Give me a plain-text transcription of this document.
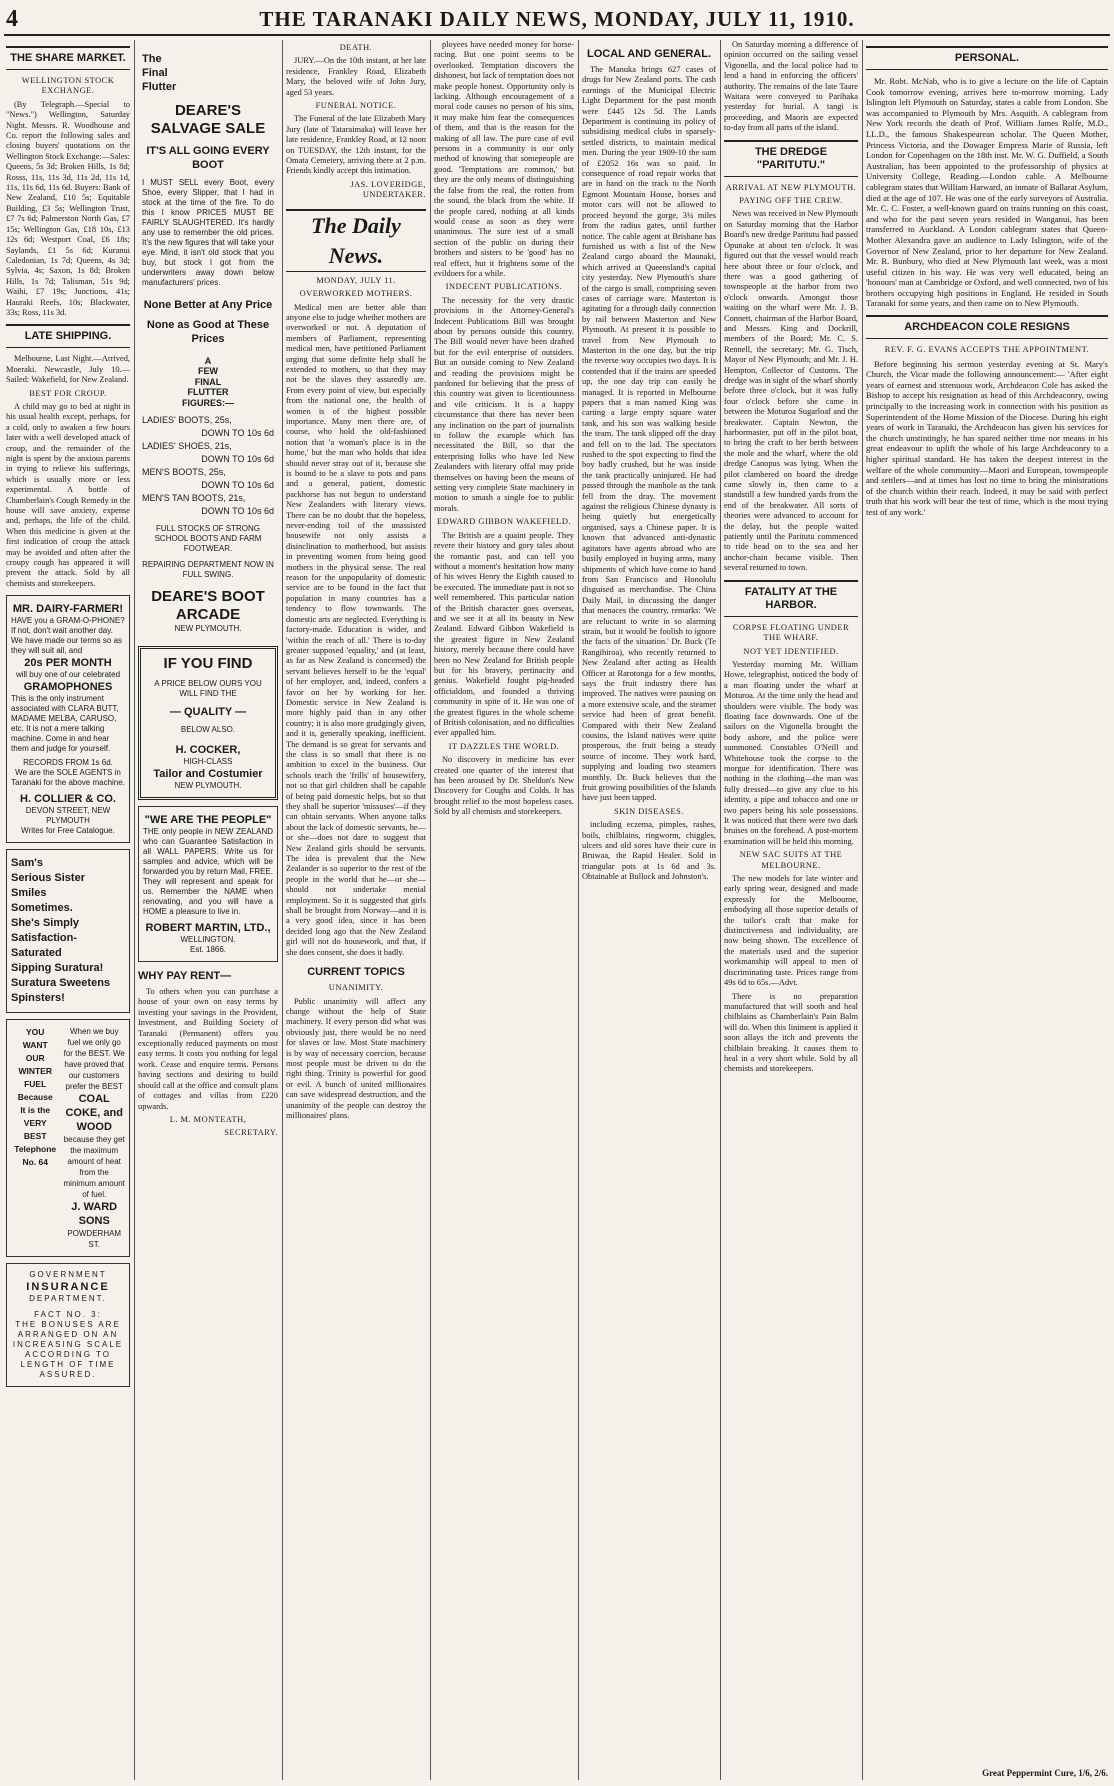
4	THE TARANAKI DAILY NEWS, MONDAY, JULY 11, 1910.
THE SHARE MARKET.
WELLINGTON STOCK EXCHANGE.

(By Telegraph.—Special to "News.") Wellington, Saturday Night. Messrs. R. Woodhouse and Co. report the following sales and closing buyers' quotations on the Wellington Stock Exchange:—Sales: Queens, 5s 3d; Broken Hills, 1s 8d; Rosss, 11s, 11s 3d, 11s 2d, 11s 1d, 11s, 11s 6d, 11s 6d. Buyers: Bank of New Zealand, £10 5s; Equitable Building, £3 5s; Wellington Trust, £7 7s 6d; Palmerston North Gas, £7 15s; Wellington Gas, £18 10s, £13 12s 6d; Westport Coal, £6 18s; Saylands, £1 5s 6d; Kuranui Caledonian, 1s 7d; Queens, 4s 3d; Sylvia, 4s; Saxon, 1s 8d; Broken Hills, 1s 7d; Talisman, 51s 9d; Waihi, £7 19s; Junctions, 41s; Hauraki Reefs, 10s; Blackwater, 33s; Ross, 11s 3d.

LATE SHIPPING.

Melbourne, Last Night.—Arrived, Moeraki. Newcastle, July 10.—Sailed: Wakefield, for New Zealand.

BEST FOR CROUP.

A child may go to bed at night in his usual health except, perhaps, for a cold, only to awaken a few hours later with a well developed attack of croup, and the remainder of the night is spent by the anxious parents in trying to relieve his sufferings, which is usually more or less experimental. A bottle of Chamberlain's Cough Remedy in the house will save anxiety, expense and, perhaps, the life of the child. When this medicine is given at the first indication of croup the attack may be avoided and often after the croupy cough has appeared it will prevent the attack. Sold by all chemists and storekeepers.

MR. DAIRY-FARMER!
HAVE you a GRAM-O-PHONE? If not, don't wait another day. We have made our terms so as they will suit all, and
20s PER MONTH
will buy one of our celebrated
GRAMOPHONES
This is the only instrument associated with CLARA BUTT, MADAME MELBA, CARUSO, etc. It is not a mere talking machine. Come in and hear them and judge for yourself.
RECORDS FROM 1s 6d.
We are the SOLE AGENTS in Taranaki for the above machine.
H. COLLIER & CO.
DEVON STREET, NEW PLYMOUTH
Writes for Free Catalogue.
Sam's
Serious Sister
Smiles
Sometimes.
She's Simply
Satisfaction-Saturated
Sipping Suratura!
Suratura Sweetens
Spinsters!
YOU
WANT
OUR
WINTER
FUEL
Because
It is the
VERY
BEST
Telephone
No. 64
When we buy fuel we only go for the BEST. We have proved that our customers prefer the BEST
COAL
COKE, and
WOOD
because they get the maximum amount of heat from the minimum amount of fuel.
J. WARD
SONS
POWDERHAM ST.
GOVERNMENT
INSURANCE
DEPARTMENT.
FACT NO. 3:
THE BONUSES ARE ARRANGED ON AN INCREASING SCALE ACCORDING TO LENGTH OF TIME ASSURED.
The
Final
Flutter
DEARE'S SALVAGE SALE
IT'S ALL GOING EVERY BOOT
I MUST SELL every Boot, every Shoe, every Slipper, that I had in stock at the time of the fire. To do this I know PRICES MUST BE FAIRLY SLAUGHTERED. It's hardly any use to remember the old prices. It's the new figures that will take your eye. Mind, it isn't old stock that you buy, but stock I got from the underwriters away down below manufacturers' prices.
None Better at Any Price
None as Good at These Prices
A
FEW
FINAL
FLUTTER
FIGURES:—
LADIES' BOOTS, 25s,
DOWN TO 10s 6d
LADIES' SHOES, 21s,
DOWN TO 10s 6d
MEN'S BOOTS, 25s,
DOWN TO 10s 6d
MEN'S TAN BOOTS, 21s,
DOWN TO 10s 6d
FULL STOCKS OF STRONG SCHOOL BOOTS AND FARM FOOTWEAR.
REPAIRING DEPARTMENT NOW IN FULL SWING.
DEARE'S BOOT ARCADE
NEW PLYMOUTH.
IF YOU FIND
A PRICE BELOW OURS YOU WILL FIND THE
— QUALITY —
BELOW ALSO.
H. COCKER,
HIGH-CLASS
Tailor and Costumier
NEW PLYMOUTH.
"WE ARE THE PEOPLE"
THE only people in NEW ZEALAND who can Guarantee Satisfaction in all WALL PAPERS. Write us for samples and advice, which will be forwarded you by return Mail, FREE. They will represent and speak for us. Remember the NAME when renovating, and you will have a HOME a pleasure to live in.
ROBERT MARTIN, LTD.,
WELLINGTON.
Est. 1866.
WHY PAY RENT—

To others when you can purchase a house of your own on easy terms by investing your savings in the Provident, Investment, and Building Society of Taranaki (Permanent) offers you exceptionally reduced payments on most easy terms. It costs you nothing for legal work. Cease and enquire terms. Persons having sections and desiring to build should call at the office and consult plans of cottages and villas from £220 upwards.

L. M. MONTEATH,
SECRETARY.
DEATH.

JURY.—On the 10th instant, at her late residence, Frankley Road, Elizabeth Mary, the beloved wife of John Jury, aged 53 years.

FUNERAL NOTICE.

The Funeral of the late Elizabeth Mary Jury (late of Tataraimaka) will leave her late residence, Frankley Road, at 12 noon on TUESDAY, the 12th instant, for the Omata Cemetery, arriving there at 2 p.m. Friends kindly accept this intimation.

JAS. LOVERIDGE, UNDERTAKER.
The Daily News.
MONDAY, JULY 11.
OVERWORKED MOTHERS.

Medical men are better able than anyone else to judge whether mothers are overworked or not. A deputation of members of Parliament, representing medical men, have petitioned Parliament urging that some definite help shall be extended to mothers, so that they may not be the slaves they assuredly are. From every point of view, but especially from the national one, the health of women is of the highest possible importance. Many men there are, of course, who hold the old-fashioned notion that 'a woman's place is in the home,' but the man who holds that idea should never stray out of it, because she is bound to be a slave to pots and pans and a general, patient, domestic packhorse has not begun to understand New Zealanders with literary views. There can be no doubt that the hopeless, never-ending toil of the unassisted housewife not only assists a disinclination to motherhood, but assists in preventing women from being good mothers in the physical sense. The real reason for the unpopularity of domestic service are to be found in the fact that population in many countries has a tendency to flow townwards. The domestic arts are neglected. Everything is factory-made. Education is wider, and 'within the reach of all.' There is to-day greater supposed 'equality,' and (at least, as far as New Zealand is concerned) the servant believes herself to be the 'equal' of her employer, and, indeed, confers a favor on her by working for her. Domestic service in New Zealand is more highly paid than in any other country; it is also more grudgingly given, and it is, generally speaking, inefficient. The demand is so great for servants and the class is so small that there is no ambition to excel in the business. Our schools teach the 'frills' of housewifery, not so that girl children shall be capable of being paid domestic helps, but so that they shall be superior 'missuses'—if they can obtain servants. When anyone talks about the lack of domestic servants, he—or she—does not dare to suggest that New Zealand girls should be servants. The idea is prevalent that the New Zealander is so superior to the rest of the people in the world that he—or she—should not undertake menial employment. So it is suggested that girls shall be brought from Norway—and it is a very good idea, since it has been decided long ago that the New Zealand girl will not do housework, and that, if she does consent, she does it badly.

CURRENT TOPICS
UNANIMITY.

Public unanimity will affect any change without the help of State machinery. If every person did what was obviously just, there would be no need for slaves or law. Most State machinery is by way of necessary coercion, because most people must be driven to do the right thing. Trinity is powerful for good or evil. A bunch of united millionaires can save widespread destruction, and the unanimity of the people can destroy the millionaires' plans.

ployees have needed money for horse-racing. But one point seems to be overlooked. Temptation discovers the dishonest, but lack of temptation does not make people honest. Opportunity only is lacking. Although encouragement of a moral code causes no person of his sins, it may make him fear the consequences of them, and that is the reason for the making of all law. The pure case of evil persons in a community is our only method of knowing that somepeople are good. 'Temptations are common,' but they are the only means of distinguishing the false from the real, the rotten from the sound, the black from the white. If the people cared, nothing at all kinds would cease as soon as they were unanimous. The sure test of a small section of the public on during their brothers and sisters to be 'good' has no real effect, but it frightens some of the evildoers for a while.

INDECENT PUBLICATIONS.

The necessity for the very drastic provisions in the Attorney-General's Indecent Publications Bill was brought about by persons outside this country. The Bill would never have been drafted but for the evil enterprise of outsiders. But an outside coming to New Zealand and reading the provisions might be pardoned for believing that the press of this country was given to licentiousness and vile criticism. It is a happy circumstance that there has never been any inclination on the part of journalists to follow the example which has necessitated the Bill, so that the enterprising folks who have led New Zealanders with literary offal may pride themselves on having been the means of setting very complete State machinery in motion to smash a single foe to public morals.

EDWARD GIBBON WAKEFIELD.

The British are a quaint people. They revere their history and gory tales about the romantic past, and can tell you without a moment's hesitation how many of his wives Henry the Eighth caused to be executed. The immediate past is not so well remembered. This particular nation of the British character goes overseas, and we see it at all its beauty in New Zealand. Edward Gibbon Wakefield is the greatest figure in New Zealand history, merely because there could have been no New Zealand for British people but for his bravery, pertinacity and genius. Wakefield fought pig-headed officialdom, and founded a thriving community in spite of it. He was one of the greatest figures in the whole scheme of British colonisation, and no difficulties ever appalled him.

IT DAZZLES THE WORLD.

No discovery in medicine has ever created one quarter of the interest that has been aroused by Dr. Sheldon's New Discovery for Coughs and Colds. It has brought relief to the most hopeless cases. Sold by all chemists and storekeepers.

LOCAL AND GENERAL.

The Manuka brings 627 cases of drugs for New Zealand ports. The cash earnings of the Municipal Electric Light Department for the past month were £445 12s 5d. The Lands Department is continuing its policy of subsidising medical clubs in sparsely-settled districts, to maintain medical men. During the year 1909-10 the sum of £2052 16s was so paid. In consequence of road repair works that are in hand on the track to the North Egmont Mountain House, horses and motor cars will not be allowed to proceed beyond the gorge, 3¼ miles from the radius gates, until further notice. The cable agent at Brisbane has furnished us with a list of the New Zealand cargo aboard the Maunaki, which arrived at Queensland's capital city yesterday. New Plymouth's share of the cargo is small, comprising seven cases of carriage ware. Masterton is agitating for a through daily connection by rail between Masterton and New Plymouth. At present it is possible to travel from New Plymouth to Masterton in the one day, but the trip the reverse way occupies two days. It is contended that if the trains are speeded up, the one day trip can easily be managed. It is reported in Melbourne papers that a man named King was carting a large empty square water tank, and his son was walking beside the team. The tank slipped off the dray and fell on to the lad. The spectators rushed to the spot expecting to find the boy badly crushed, but he was inside the tank practically uninjured. He had passed through the manhole as the tank fell from the dray. The movement against the religious Chinese dynasty is being quietly but energetically organised, says a Chinese paper. It is known that advanced anti-dynastic agitators have agents abroad who are busily employed in buying arms, many shipments of which have come to hand from San Francisco and Honolulu disguised as merchandise. The China Daily Mail, in discussing the danger that menaces the country, remarks: 'We are reluctant to write in so alarming strain, but it would be foolish to ignore the facts of the situation.' Dr. Buck (Te Rangihiroa), who recently returned to New Zealand after acting as Health Officer at Rarotonga for a few months, says the fruit industry there has improved. The natives were pausing on a more extensive scale, and the steamer service had been of great benefit. Compared with their New Zealand cousins, the Island natives were quite prosperous, the fruit being a steady source of income. They work hard, supplying and loading two steamers monthly. Dr. Buck believes that the fruit growing possibilities of the Islands have just been tapped.

SKIN DISEASES.

including eczema, pimples, rashes, boils, chilblains, ringworm, chiggles, ulcers and old sores have their cure in Bruwaa, the Rapid Healer. Sold in triangular pots at 1s 6d and 3s. Obtainable at Bullock and Johnston's.

On Saturday morning a difference of opinion occurred on the sailing vessel Vigonella, and the local police had to lend a hand in enforcing the officers' authority. The remains of the late Taare Waitara were conveyed to Parihaka yesterday for burial. A tangi is proceeding, and Maoris are expected to-day from all parts of the island.

THE DREDGE "PARITUTU."
ARRIVAL AT NEW PLYMOUTH.
PAYING OFF THE CREW.

News was received in New Plymouth on Saturday morning that the Harbor Board's new dredge Paritutu had passed Opunake at about ten o'clock. It was figured out that the vessel would reach here about three or four o'clock, and there was a good gathering of townspeople at the harbor from two o'clock onwards. Amongst those waiting on the wharf were Mr. J. B. Connett, chairman of the Harbor Board, and Messrs. King and Dockrill, members of the Board; Mr. C. S. Rennell, the secretary; Mr. G. Tisch, Mayor of New Plymouth; and Mr. J. H. Hempton, Collector of Customs. The dredge was in sight of the wharf shortly before three o'clock, but it was fully four o'clock before she came in between the Moturoa Sugarloaf and the breakwater. Captain Newton, the harbormaster, put off in the pilot boat, to bring the craft to her berth between the mole and the wharf, where the old dredge Canopus was lying. When the pilot clambered on board the dredge came slowly in, then came to a standstill a few hundred yards from the end of the breakwater. All sorts of theories were advanced to account for the delay, but the people waited patiently until the Paritutu commenced to ride head on to the sea and her anchor-chain became visible. Then several returned to town.

FATALITY AT THE HARBOR.
CORPSE FLOATING UNDER THE WHARF.
NOT YET IDENTIFIED.

Yesterday morning Mr. William Howe, telegraphist, noticed the body of a man floating under the wharf at Moturoa. At the time only the head and shoulders were visible. The body was floating face downwards. One of the sailors on the Vigonella brought the body ashore, and the police were summoned. Constables O'Neill and Whitehouse took the corpse to the morgue for identification. There was nothing in the clothing—the man was fully dressed—to give any clue to his identity, a pipe and tobacco and one or two papers being his sole possessions. It was noticed that there were two dark bruises on the forehead. A post-mortem examination will be held this morning.

NEW SAC SUITS AT THE MELBOURNE.

The new models for late winter and early spring wear, designed and made expressly for the Melbourne, embodying all those superior details of the tailor's craft that make for distinctiveness and individuality, are now being shown. The excellence of the materials used and the superior workmanship will appeal to men of discriminating taste. Prices range from 49s 6d to 65s.—Advt.

There is no preparation manufactured that will sooth and heal chilblains as Chamberlain's Pain Balm will do. When this liniment is applied it soon allays the itch and prevents the chilblain breaking. It causes them to heal in a very short while. Sold by all chemists and storekeepers.

PERSONAL.

Mr. Robt. McNab, who is to give a lecture on the life of Captain Cook tomorrow evening, arrives here to-morrow morning. Lady Islington left Plymouth on Saturday, states a cable from London. She was accompanied to Plymouth by Mrs. Asquith. A cablegram from New York records the death of Prof. William James Rolfe, M.D., LL.D., the famous Shakespearean scholar. The Queen Mother, Princess Victoria, and the Dowager Empress Marie of Russia, left London for Copenhagen on the 18th inst. Mr. W. G. Duffield, a South Australian, has been appointed to the professorship of physics at University College, Reading.—London cable. A Melbourne cablegram states that William Harward, an inmate of Ballarat Asylum, died at the age of 107. He was one of the early surveyors of Australia. Mr. C. C. Foster, a well-known guard on trains running on this coast, and who for the past seven years resided in Wanganui, has been transferred to Auckland. A London cablegram states that Queen-Mother Alexandra gave an audience to Lady Islington, wife of the Governor of New Zealand, prior to her departure for New Zealand. Mr. R. Bunbury, who died at New Plymouth last week, was a most useful citizen in his way. He was very well educated, being an 'honours' man at Cambridge or Oxford, and well connected, two of his brothers occupying high positions in England. He resided in South Taranaki for some years, and then came on to New Plymouth.

ARCHDEACON COLE RESIGNS
REV. F. G. EVANS ACCEPTS THE APPOINTMENT.

Before beginning his sermon yesterday evening at St. Mary's Church, the Vicar made the following announcement:— 'After eight years of earnest and strenuous work, Archdeacon Cole has asked the Bishop to accept his resignation as head of this Archdeaconry, owing principally to the increasing work in connection with his position as Superintendent of the Home Mission of the Diocese. During his eight years of work in Taranaki, the Archdeacon has given his services for the church unstintingly, he has spared neither time nor means in his great endeavour to uplift the whole of his large Archdeaconry to a higher spiritual standard. He has taken the deepest interest in the welfare of the whole community—Maori and European, townspeople and settlers—and at times has lost no time to bring the ministrations of the church within their reach. Indeed, it may be said with perfect truth that his work will bear the test of time, which is the most trying test of any work.'

Great Peppermint Cure, 1/6, 2/6.
